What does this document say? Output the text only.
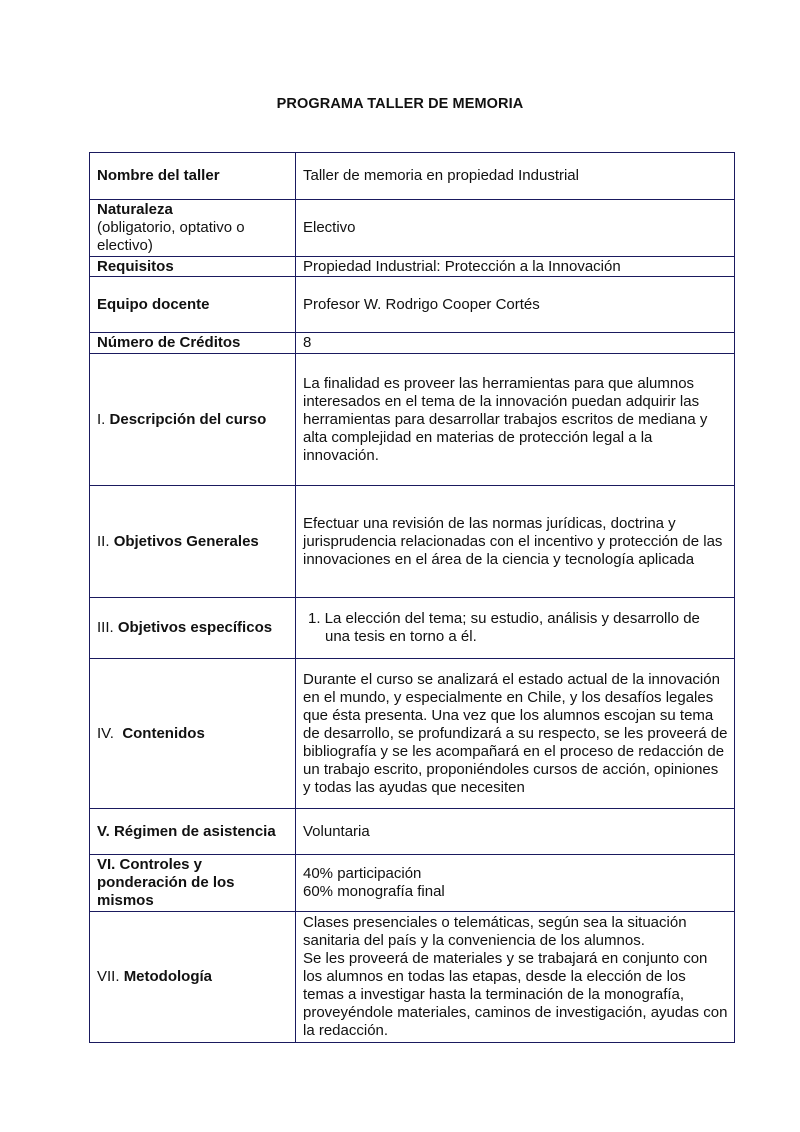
PROGRAMA TALLER DE MEMORIA
Nombre del taller	Taller de memoria en propiedad Industrial
Naturaleza
(obligatorio, optativo o electivo)	Electivo
Requisitos	Propiedad Industrial: Protección a la Innovación
Equipo docente	Profesor W. Rodrigo Cooper Cortés
Número de Créditos	8
I. Descripción del curso	La finalidad es proveer las herramientas para que alumnos interesados en el tema de la innovación puedan adquirir las herramientas para desarrollar trabajos escritos de mediana y alta complejidad en materias de protección legal a la innovación.

II. Objetivos Generales	Efectuar una revisión de las normas jurídicas, doctrina y jurisprudencia relacionadas con el incentivo y protección de las innovaciones en el área de la ciencia y tecnología aplicada

III. Objetivos específicos	1. La elección del tema; su estudio, análisis y desarrollo de una tesis en torno a él.

IV. Contenidos	Durante el curso se analizará el estado actual de la innovación en el mundo, y especialmente en Chile, y los desafíos legales que ésta presenta. Una vez que los alumnos escojan su tema de desarrollo, se profundizará a su respecto, se les proveerá de bibliografía y se les acompañará en el proceso de redacción de un trabajo escrito, proponiéndoles cursos de acción, opiniones y todas las ayudas que necesiten

V. Régimen de asistencia	Voluntaria
VI. Controles y ponderación de los mismos	40% participación
60% monografía final

VII. Metodología	Clases presenciales o telemáticas, según sea la situación sanitaria del país y la conveniencia de los alumnos.
Se les proveerá de materiales y se trabajará en conjunto con los alumnos en todas las etapas, desde la elección de los temas a investigar hasta la terminación de la monografía, proveyéndole materiales, caminos de investigación, ayudas con la redacción.
